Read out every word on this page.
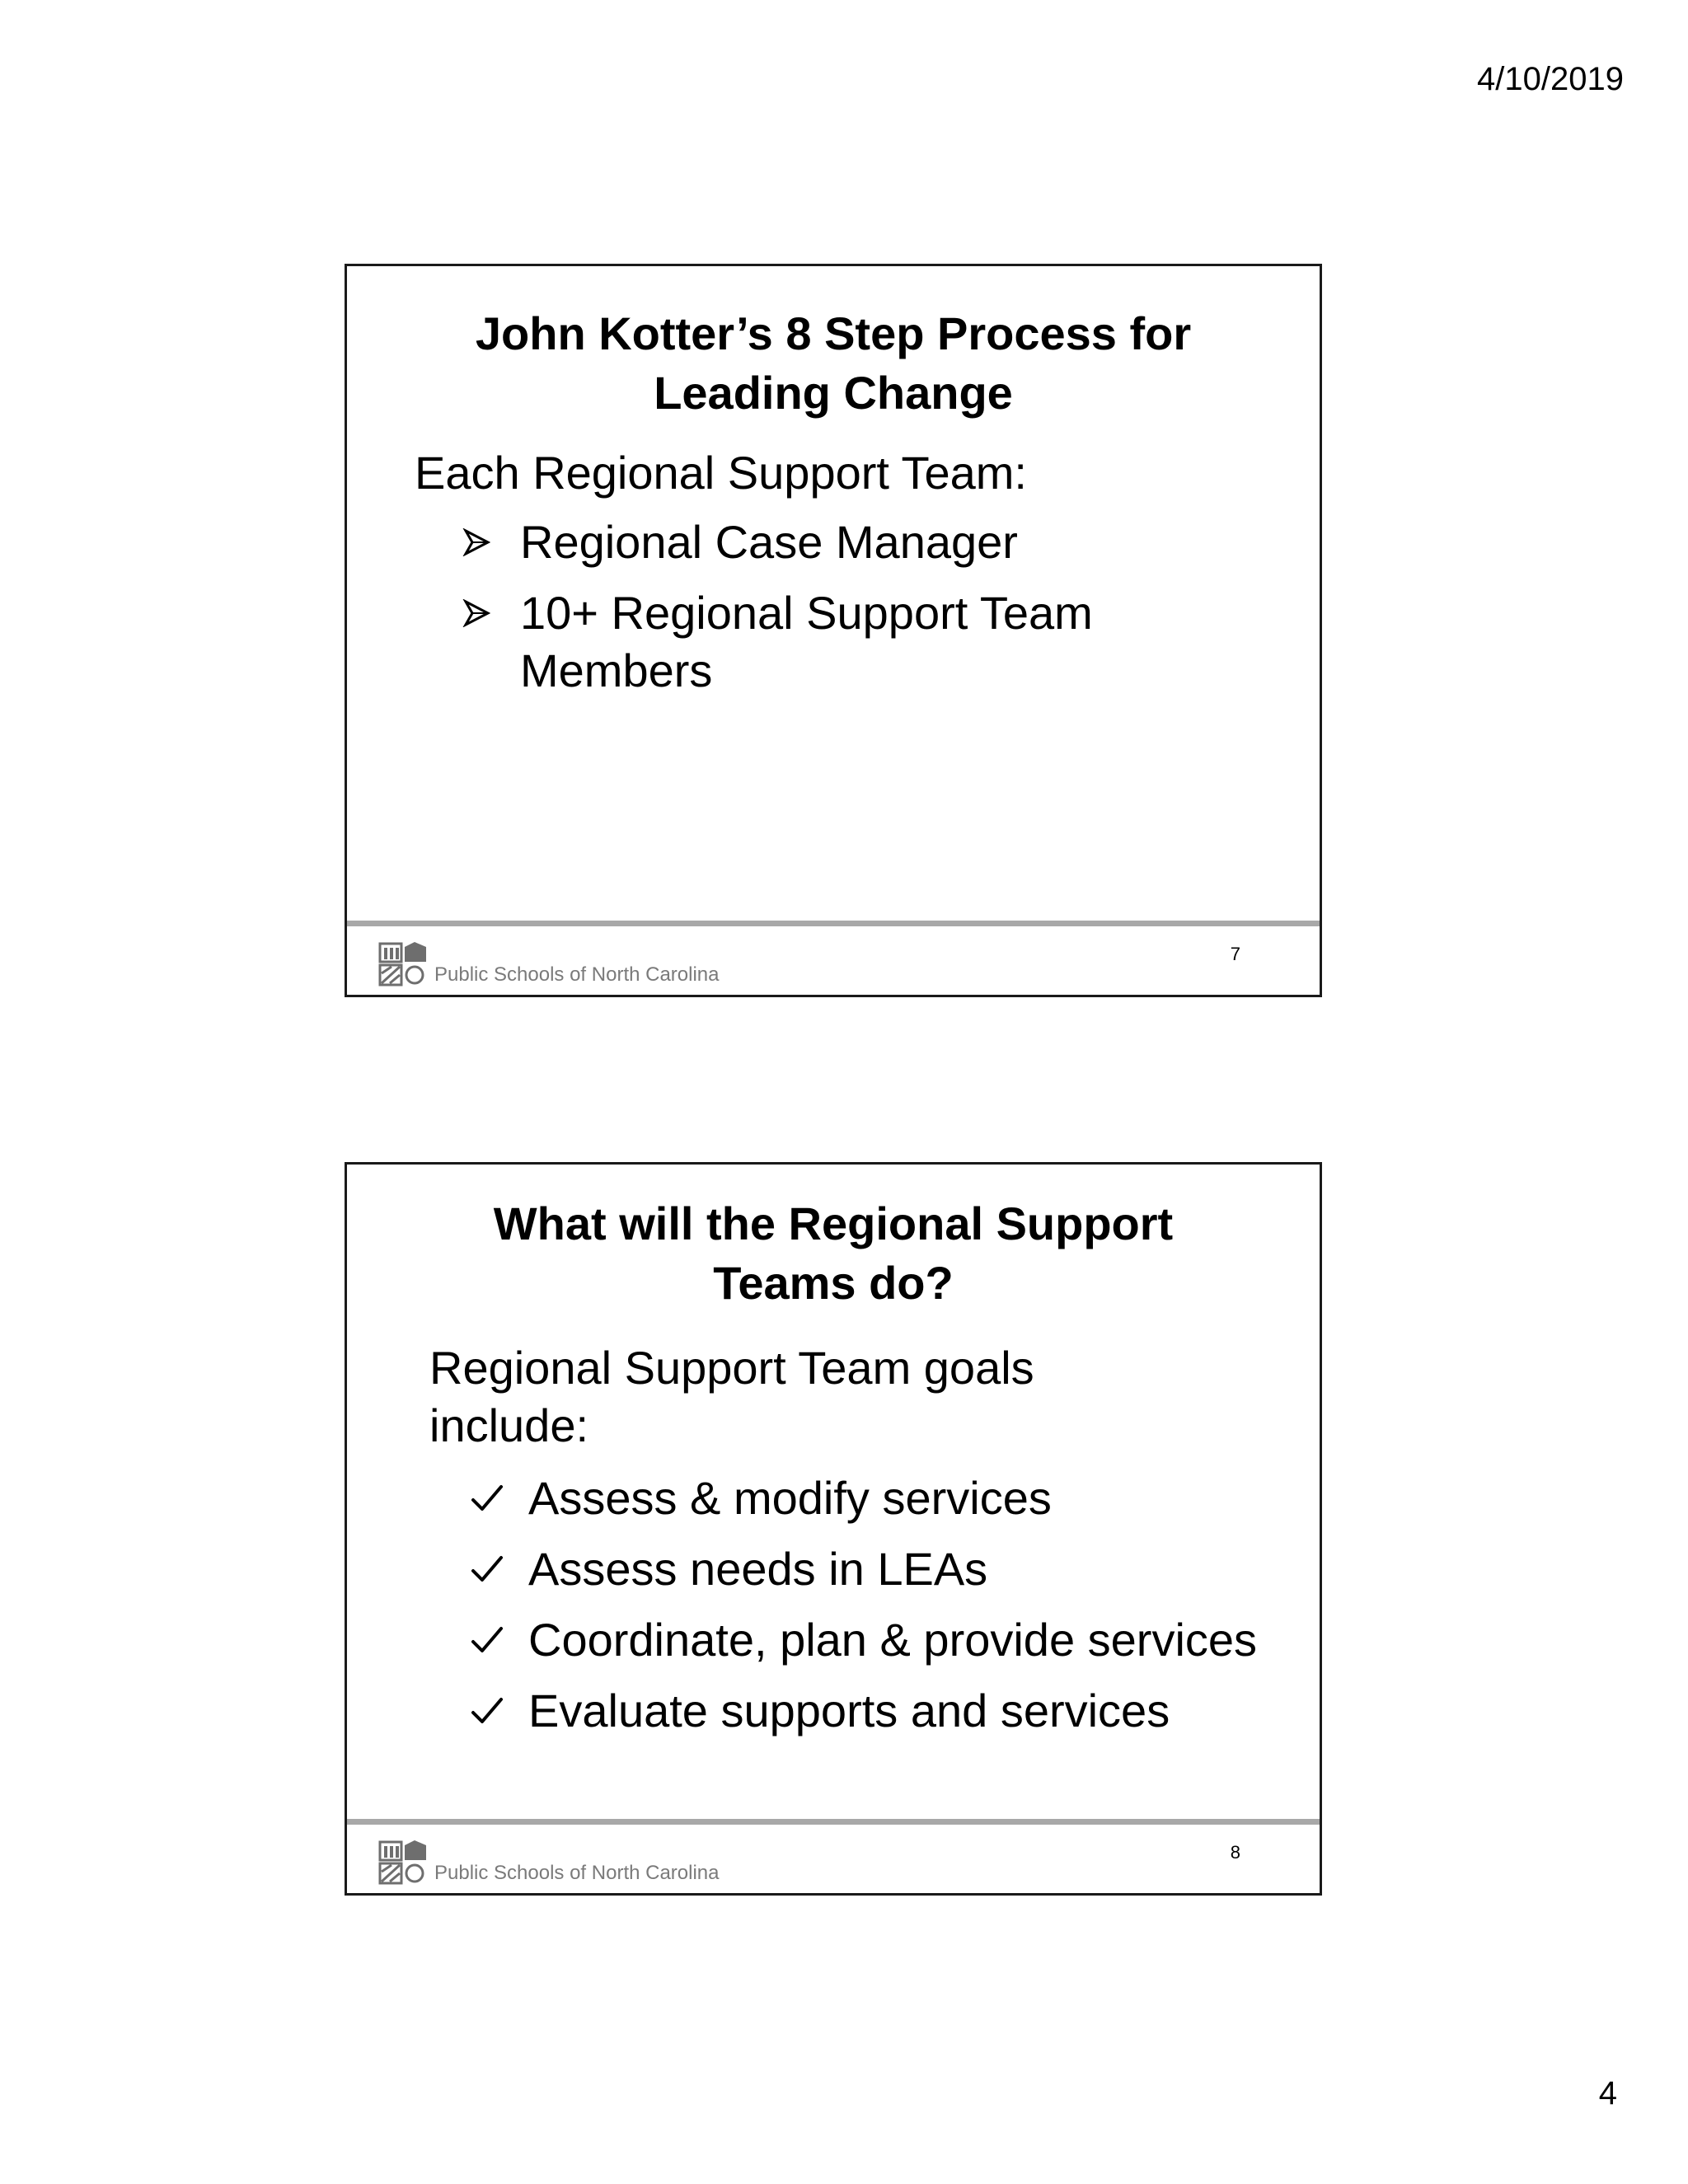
4/10/2019
John Kotter’s 8 Step Process for
Leading Change

Each Regional Support Team:

Regional Case Manager
10+ Regional Support Team Members
Public Schools of North Carolina
7
What will the Regional Support
Teams do?

Regional Support Team goals include:

Assess & modify services
Assess needs in LEAs
Coordinate, plan & provide services
Evaluate supports and services
Public Schools of North Carolina
8
4
